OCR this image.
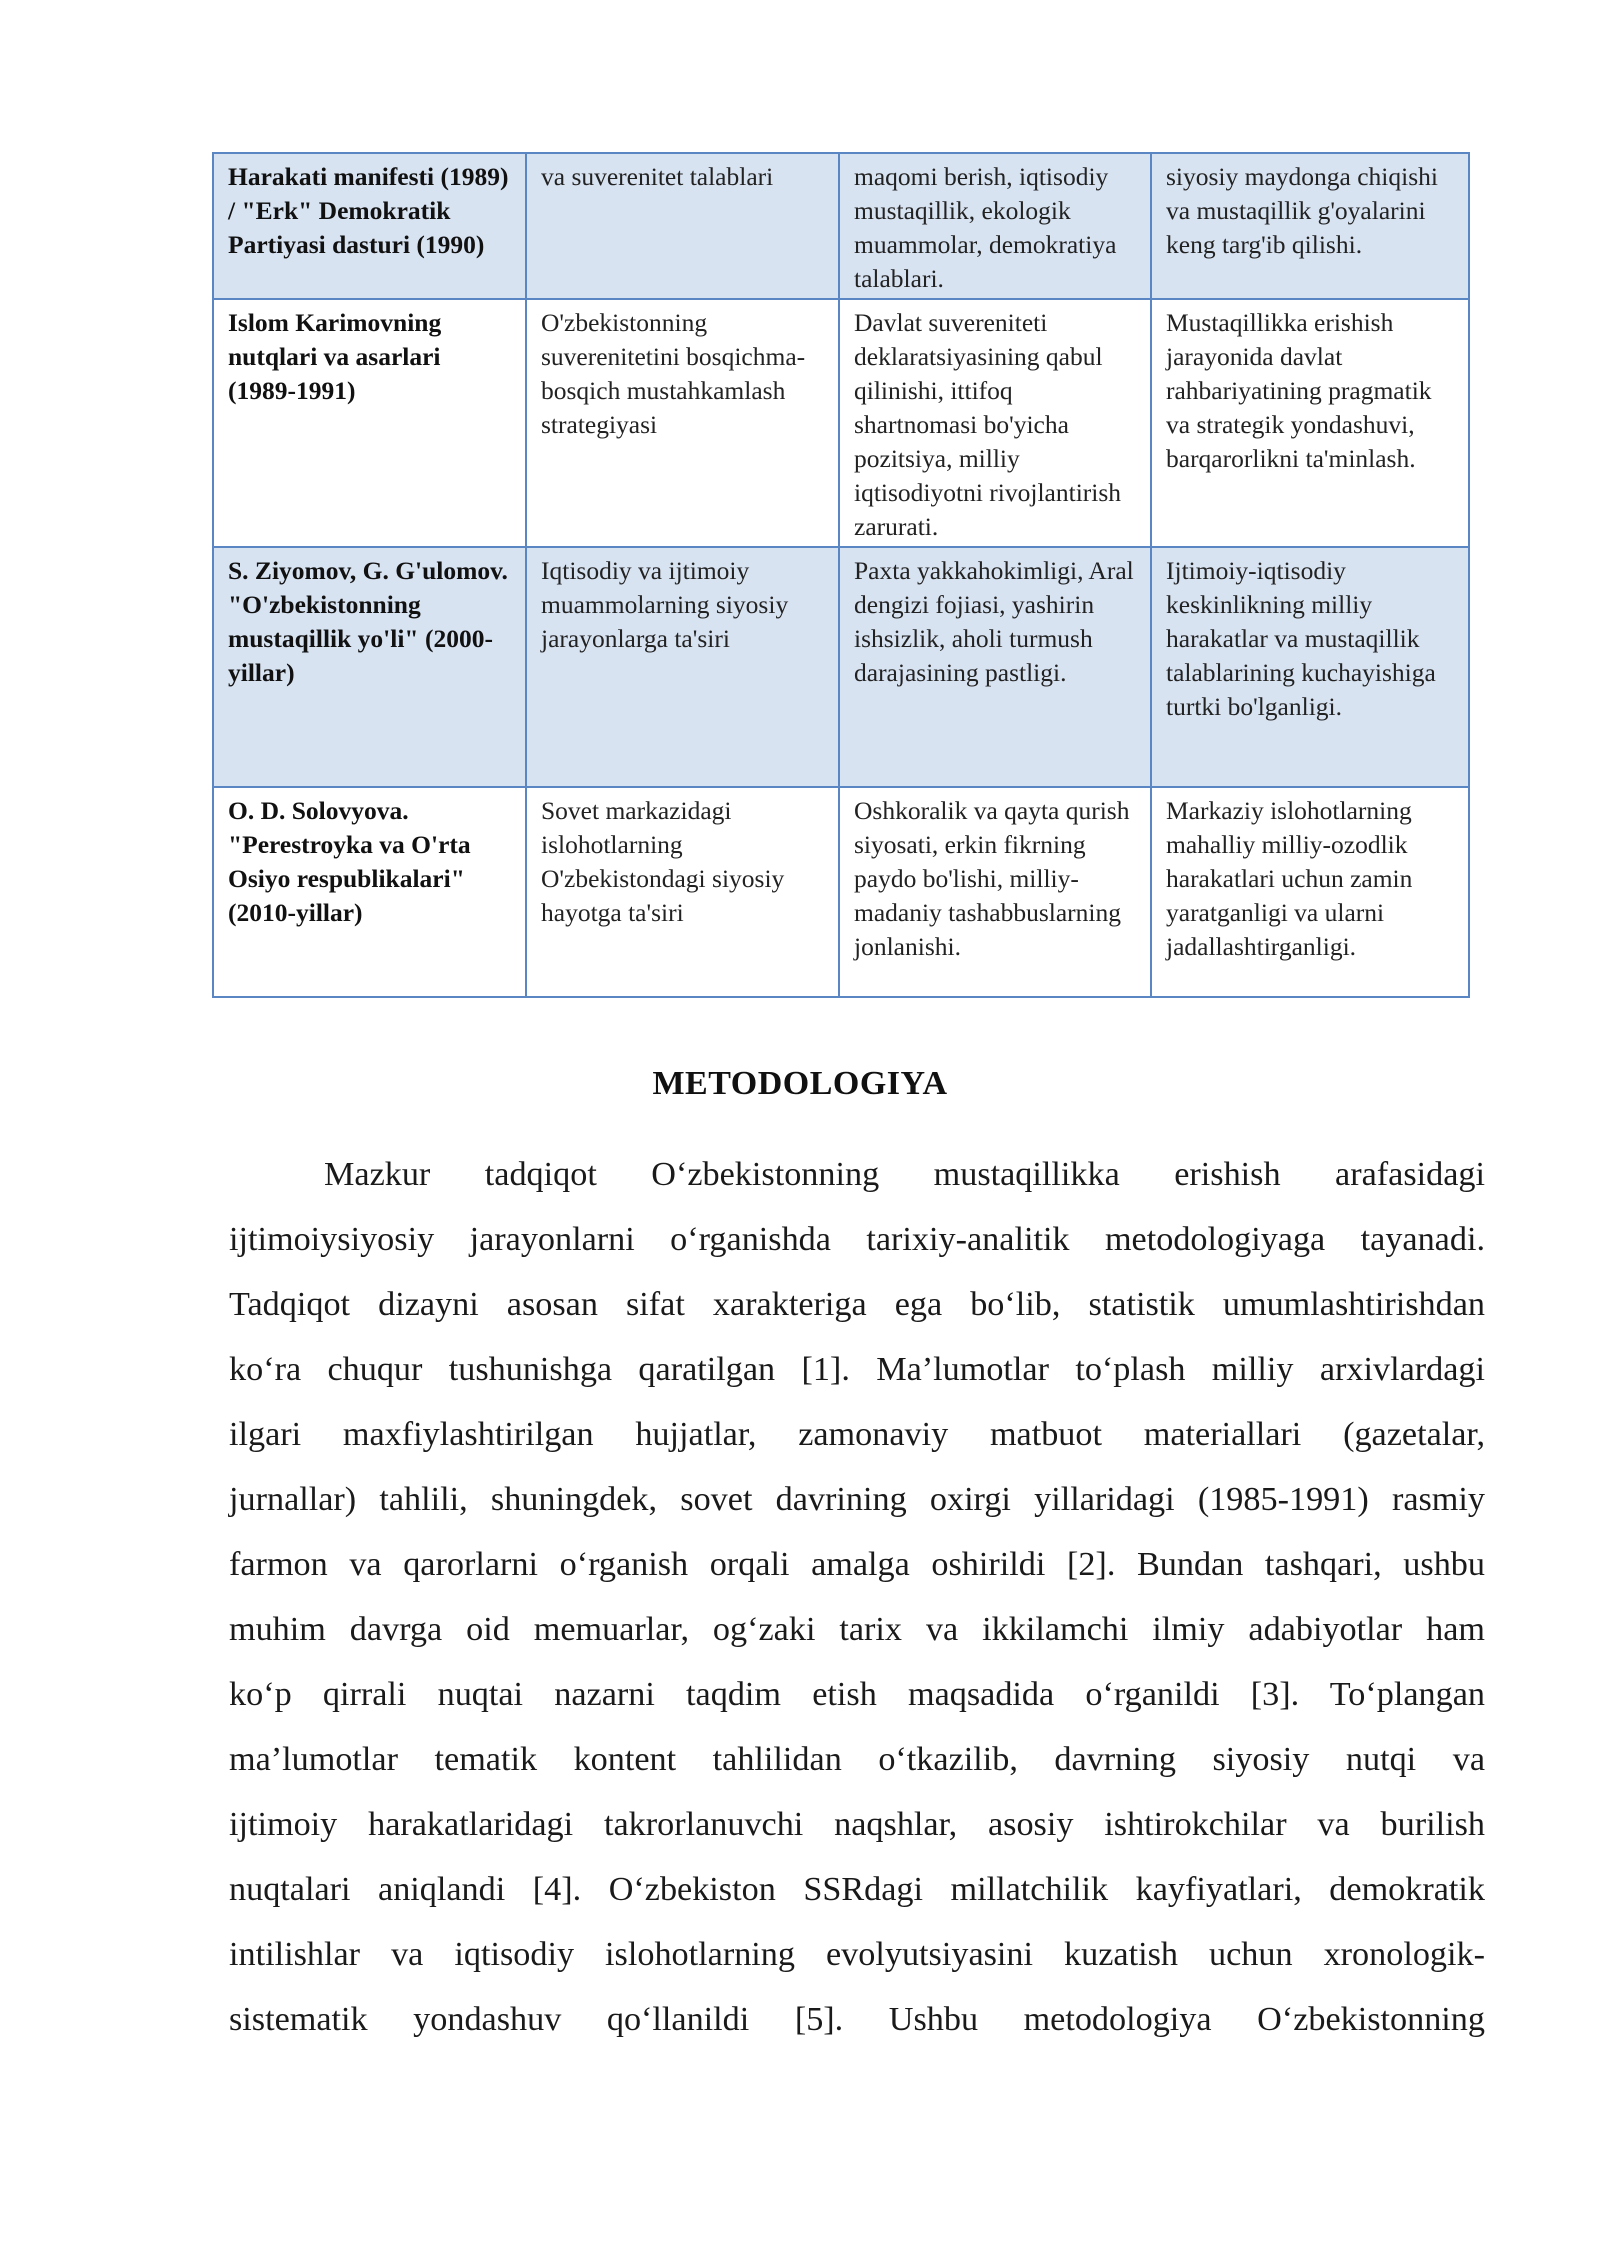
Harakati manifesti (1989) / "Erk" Demokratik Partiyasi dasturi (1990)	va suverenitet talablari	maqomi berish, iqtisodiy mustaqillik, ekologik muammolar, demokratiya talablari.	siyosiy maydonga chiqishi va mustaqillik g'oyalarini keng targ'ib qilishi.
Islom Karimovning nutqlari va asarlari (1989-1991)	O'zbekistonning suverenitetini bosqichma-bosqich mustahkamlash strategiyasi	Davlat suvereniteti deklaratsiyasining qabul qilinishi, ittifoq shartnomasi bo'yicha pozitsiya, milliy iqtisodiyotni rivojlantirish zarurati.	Mustaqillikka erishish jarayonida davlat rahbariyatining pragmatik va strategik yondashuvi, barqarorlikni ta'minlash.
S. Ziyomov, G. G'ulomov. "O'zbekistonning mustaqillik yo'li" (2000-yillar)	Iqtisodiy va ijtimoiy muammolarning siyosiy jarayonlarga ta'siri	Paxta yakkahokimligi, Aral dengizi fojiasi, yashirin ishsizlik, aholi turmush darajasining pastligi.	Ijtimoiy-iqtisodiy keskinlikning milliy harakatlar va mustaqillik talablarining kuchayishiga turtki bo'lganligi.
O. D. Solovyova. "Perestroyka va O'rta Osiyo respublikalari" (2010-yillar)	Sovet markazidagi islohotlarning O'zbekistondagi siyosiy hayotga ta'siri	Oshkoralik va qayta qurish siyosati, erkin fikrning paydo bo'lishi, milliy-madaniy tashabbuslarning jonlanishi.	Markaziy islohotlarning mahalliy milliy-ozodlik harakatlari uchun zamin yaratganligi va ularni jadallashtirganligi.
METODOLOGIYA
Mazkur tadqiqot O‘zbekistonning mustaqillikka erishish arafasidagi
ijtimoiysiyosiy jarayonlarni o‘rganishda tarixiy-analitik metodologiyaga tayanadi.
Tadqiqot dizayni asosan sifat xarakteriga ega bo‘lib, statistik umumlashtirishdan
ko‘ra chuqur tushunishga qaratilgan [1]. Ma’lumotlar to‘plash milliy arxivlardagi
ilgari maxfiylashtirilgan hujjatlar, zamonaviy matbuot materiallari (gazetalar,
jurnallar) tahlili, shuningdek, sovet davrining oxirgi yillaridagi (1985-1991) rasmiy
farmon va qarorlarni o‘rganish orqali amalga oshirildi [2]. Bundan tashqari, ushbu
muhim davrga oid memuarlar, og‘zaki tarix va ikkilamchi ilmiy adabiyotlar ham
ko‘p qirrali nuqtai nazarni taqdim etish maqsadida o‘rganildi [3]. To‘plangan
ma’lumotlar tematik kontent tahlilidan o‘tkazilib, davrning siyosiy nutqi va
ijtimoiy harakatlaridagi takrorlanuvchi naqshlar, asosiy ishtirokchilar va burilish
nuqtalari aniqlandi [4]. O‘zbekiston SSRdagi millatchilik kayfiyatlari, demokratik
intilishlar va iqtisodiy islohotlarning evolyutsiyasini kuzatish uchun xronologik-
sistematik yondashuv qo‘llanildi [5]. Ushbu metodologiya O‘zbekistonning
